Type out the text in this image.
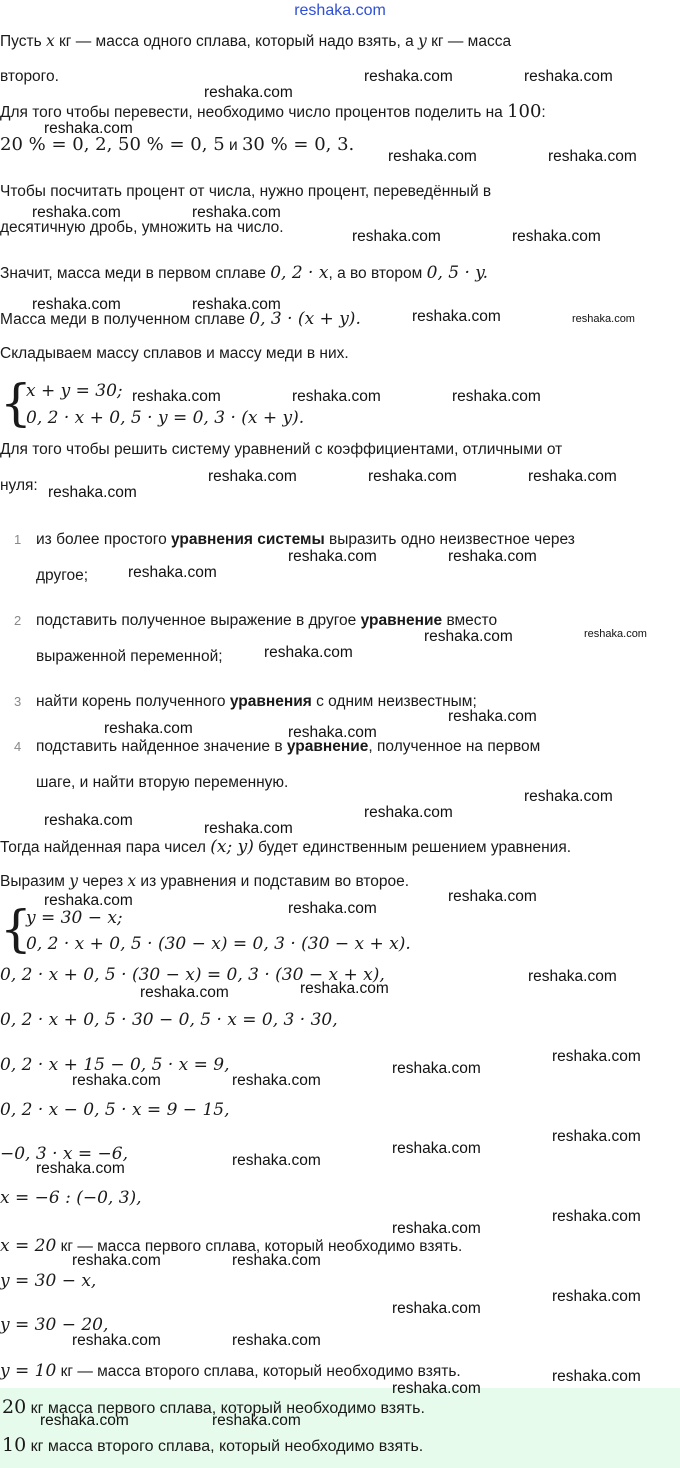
reshaka.com
Пусть x кг — масса одного сплава, который надо взять, а y кг — масса
второго.
Для того чтобы перевести, необходимо число процентов поделить на 100:
20 % = 0, 2, 50 % = 0, 5 и 30 % = 0, 3.
Чтобы посчитать процент от числа, нужно процент, переведённый в
десятичную дробь, умножить на число.
Значит, масса меди в первом сплаве 0, 2 · x, а во втором 0, 5 · y.
Масса меди в полученном сплаве 0, 3 · (x + y).
Складываем массу сплавов и массу меди в них.
{
x + y = 30;
0, 2 · x + 0, 5 · y = 0, 3 · (x + y).
Для того чтобы решить систему уравнений с коэффициентами, отличными от
нуля:
1 из более простого уравнения системы выразить одно неизвестное через
другое;
2 подставить полученное выражение в другое уравнение вместо
выраженной переменной;
3 найти корень полученного уравнения с одним неизвестным;
4 подставить найденное значение в уравнение, полученное на первом
шаге, и найти вторую переменную.
Тогда найденная пара чисел (x; y) будет единственным решением уравнения.
Выразим y через x из уравнения и подставим во второе.
{
y = 30 − x;
0, 2 · x + 0, 5 · (30 − x) = 0, 3 · (30 − x + x).
0, 2 · x + 0, 5 · (30 − x) = 0, 3 · (30 − x + x),
0, 2 · x + 0, 5 · 30 − 0, 5 · x = 0, 3 · 30,
0, 2 · x + 15 − 0, 5 · x = 9,
0, 2 · x − 0, 5 · x = 9 − 15,
−0, 3 · x = −6,
x = −6 : (−0, 3),
x = 20 кг — масса первого сплава, который необходимо взять.
y = 30 − x,
y = 30 − 20,
y = 10 кг — масса второго сплава, который необходимо взять.
20 кг масса первого сплава, который необходимо взять.
10 кг масса второго сплава, который необходимо взять.
reshaka.com
reshaka.com	reshaka.com
reshaka.com
reshaka.com	reshaka.com
reshaka.com	reshaka.com
reshaka.com	reshaka.com
reshaka.com	reshaka.com
reshaka.com	reshaka.com
reshaka.com	reshaka.com	reshaka.com
reshaka.com	reshaka.com	reshaka.com
reshaka.com
reshaka.com	reshaka.com
reshaka.com
reshaka.com	reshaka.com
reshaka.com
reshaka.com
reshaka.com	reshaka.com
reshaka.com
reshaka.com
reshaka.com	reshaka.com
reshaka.com
reshaka.com	reshaka.com
reshaka.com
reshaka.com
reshaka.com
reshaka.com
reshaka.com
reshaka.com	reshaka.com
reshaka.com
reshaka.com
reshaka.com
reshaka.com
reshaka.com
reshaka.com
reshaka.com	reshaka.com
reshaka.com
reshaka.com
reshaka.com	reshaka.com
reshaka.com
reshaka.com
reshaka.com	reshaka.com
